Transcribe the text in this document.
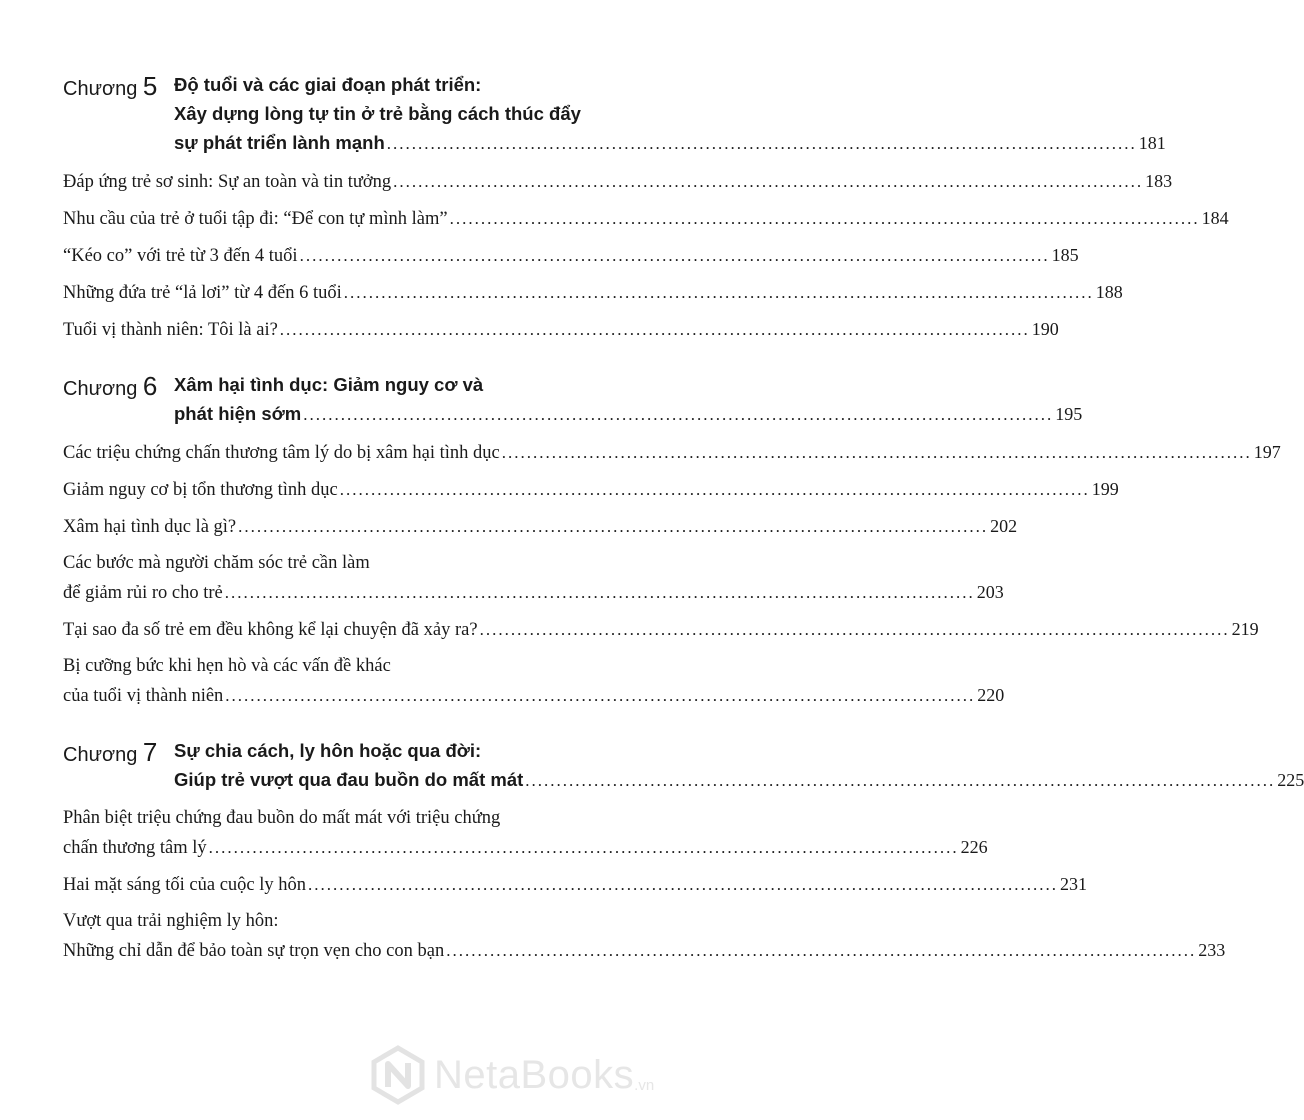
Chương 5 Độ tuổi và các giai đoạn phát triển:
Xây dựng lòng tự tin ở trẻ bằng cách thúc đẩy
sự phát triển lành mạnh ........................................................................................................................ 181
Đáp ứng trẻ sơ sinh: Sự an toàn và tin tưởng ........................................................................................................................ 183
Nhu cầu của trẻ ở tuổi tập đi: “Để con tự mình làm” ........................................................................................................................ 184
“Kéo co” với trẻ từ 3 đến 4 tuổi ........................................................................................................................ 185
Những đứa trẻ “lả lơi” từ 4 đến 6 tuổi ........................................................................................................................ 188
Tuổi vị thành niên: Tôi là ai? ........................................................................................................................ 190
Chương 6 Xâm hại tình dục: Giảm nguy cơ và
phát hiện sớm ........................................................................................................................ 195
Các triệu chứng chấn thương tâm lý do bị xâm hại tình dục ........................................................................................................................ 197
Giảm nguy cơ bị tổn thương tình dục ........................................................................................................................ 199
Xâm hại tình dục là gì? ........................................................................................................................ 202
Các bước mà người chăm sóc trẻ cần làm
để giảm rủi ro cho trẻ ........................................................................................................................ 203
Tại sao đa số trẻ em đều không kể lại chuyện đã xảy ra? ........................................................................................................................ 219
Bị cưỡng bức khi hẹn hò và các vấn đề khác
của tuổi vị thành niên ........................................................................................................................ 220
Chương 7 Sự chia cách, ly hôn hoặc qua đời:
Giúp trẻ vượt qua đau buồn do mất mát ........................................................................................................................ 225
Phân biệt triệu chứng đau buồn do mất mát với triệu chứng
chấn thương tâm lý ........................................................................................................................ 226
Hai mặt sáng tối của cuộc ly hôn ........................................................................................................................ 231
Vượt qua trải nghiệm ly hôn:
Những chỉ dẫn để bảo toàn sự trọn vẹn cho con bạn ........................................................................................................................ 233
NetaBooks .vn
